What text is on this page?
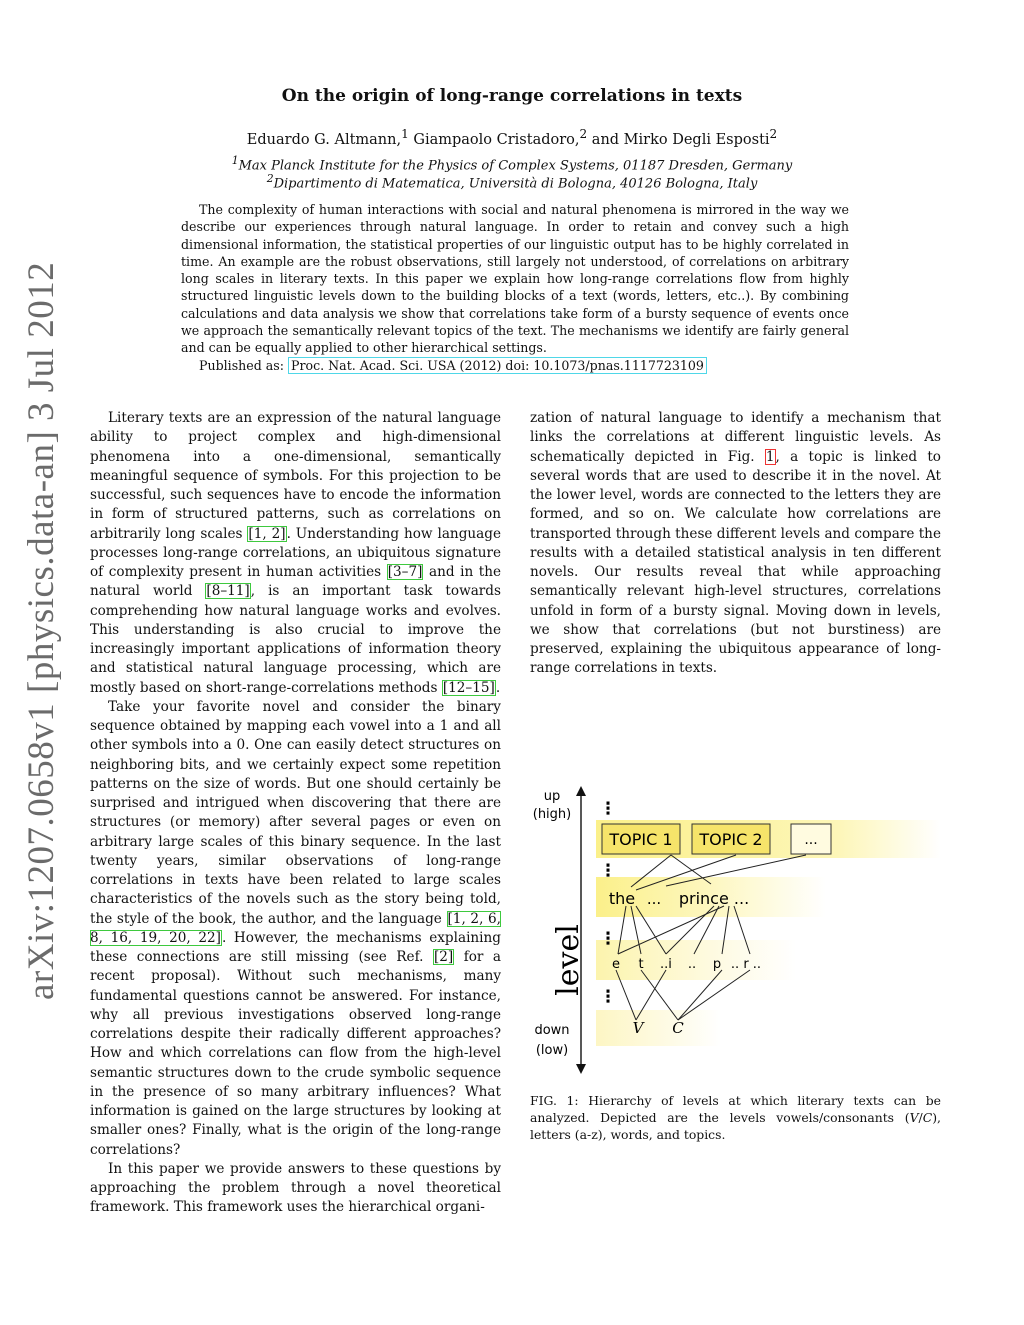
arXiv:1207.0658v1 [physics.data-an] 3 Jul 2012
On the origin of long-range correlations in texts
Eduardo G. Altmann,$^1$ Giampaolo Cristadoro,$^2$ and Mirko Degli Esposti$^2$
$^1$Max Planck Institute for the Physics of Complex Systems, 01187 Dresden, Germany
$^2$Dipartimento di Matematica, Università di Bologna, 40126 Bologna, Italy

The complexity of human interactions with social and natural phenomena is mirrored in the way we describe our experiences through natural language. In order to retain and convey such a high dimensional information, the statistical properties of our linguistic output has to be highly correlated in time. An example are the robust observations, still largely not understood, of correlations on arbitrary long scales in literary texts. In this paper we explain how long-range correlations flow from highly structured linguistic levels down to the building blocks of a text (words, letters, etc..). By combining calculations and data analysis we show that correlations take form of a bursty sequence of events once we approach the semantically relevant topics of the text. The mechanisms we identify are fairly general and can be equally applied to other hierarchical settings.

Published as: Proc. Nat. Acad. Sci. USA (2012) doi: 10.1073/pnas.1117723109

Literary texts are an expression of the natural language ability to project complex and high-dimensional phenomena into a one-dimensional, semantically meaningful sequence of symbols. For this projection to be successful, such sequences have to encode the information in form of structured patterns, such as correlations on arbitrarily long scales [1, 2]. Understanding how language processes long-range correlations, an ubiquitous signature of complexity present in human activities [3–7] and in the natural world [8–11], is an important task towards comprehending how natural language works and evolves. This understanding is also crucial to improve the increasingly important applications of information theory and statistical natural language processing, which are mostly based on short-range-correlations methods [12–15].

Take your favorite novel and consider the binary sequence obtained by mapping each vowel into a 1 and all other symbols into a 0. One can easily detect structures on neighboring bits, and we certainly expect some repetition patterns on the size of words. But one should certainly be surprised and intrigued when discovering that there are structures (or memory) after several pages or even on arbitrary large scales of this binary sequence. In the last twenty years, similar observations of long-range correlations in texts have been related to large scales characteristics of the novels such as the story being told, the style of the book, the author, and the language [1, 2, 6, 8, 16, 19, 20, 22]. However, the mechanisms explaining these connections are still missing (see Ref. [2] for a recent proposal). Without such mechanisms, many fundamental questions cannot be answered. For instance, why all previous investigations observed long-range correlations despite their radically different approaches? How and which correlations can flow from the high-level semantic structures down to the crude symbolic sequence in the presence of so many arbitrary influences? What information is gained on the large structures by looking at smaller ones? Finally, what is the origin of the long-range correlations?

In this paper we provide answers to these questions by approaching the problem through a novel theoretical framework. This framework uses the hierarchical organi-

zation of natural language to identify a mechanism that links the correlations at different linguistic levels. As schematically depicted in Fig. 1, a topic is linked to several words that are used to describe it in the novel. At the lower level, words are connected to the letters they are formed, and so on. We calculate how correlations are transported through these different levels and compare the results with a detailed statistical analysis in ten different novels. Our results reveal that while approaching semantically relevant high-level structures, correlations unfold in form of a bursty signal. Moving down in levels, we show that correlations (but not burstiness) are preserved, explaining the ubiquitous appearance of long-range correlations in texts.

up
(high)
down
(low)
level
⋮
⋮
⋮
⋮
TOPIC 1 TOPIC 2	...
the ... prince ...
e t ..i .. p .. r ..
V C
FIG. 1: Hierarchy of levels at which literary texts can be analyzed. Depicted are the levels vowels/consonants (V/C), letters (a-z), words, and topics.
